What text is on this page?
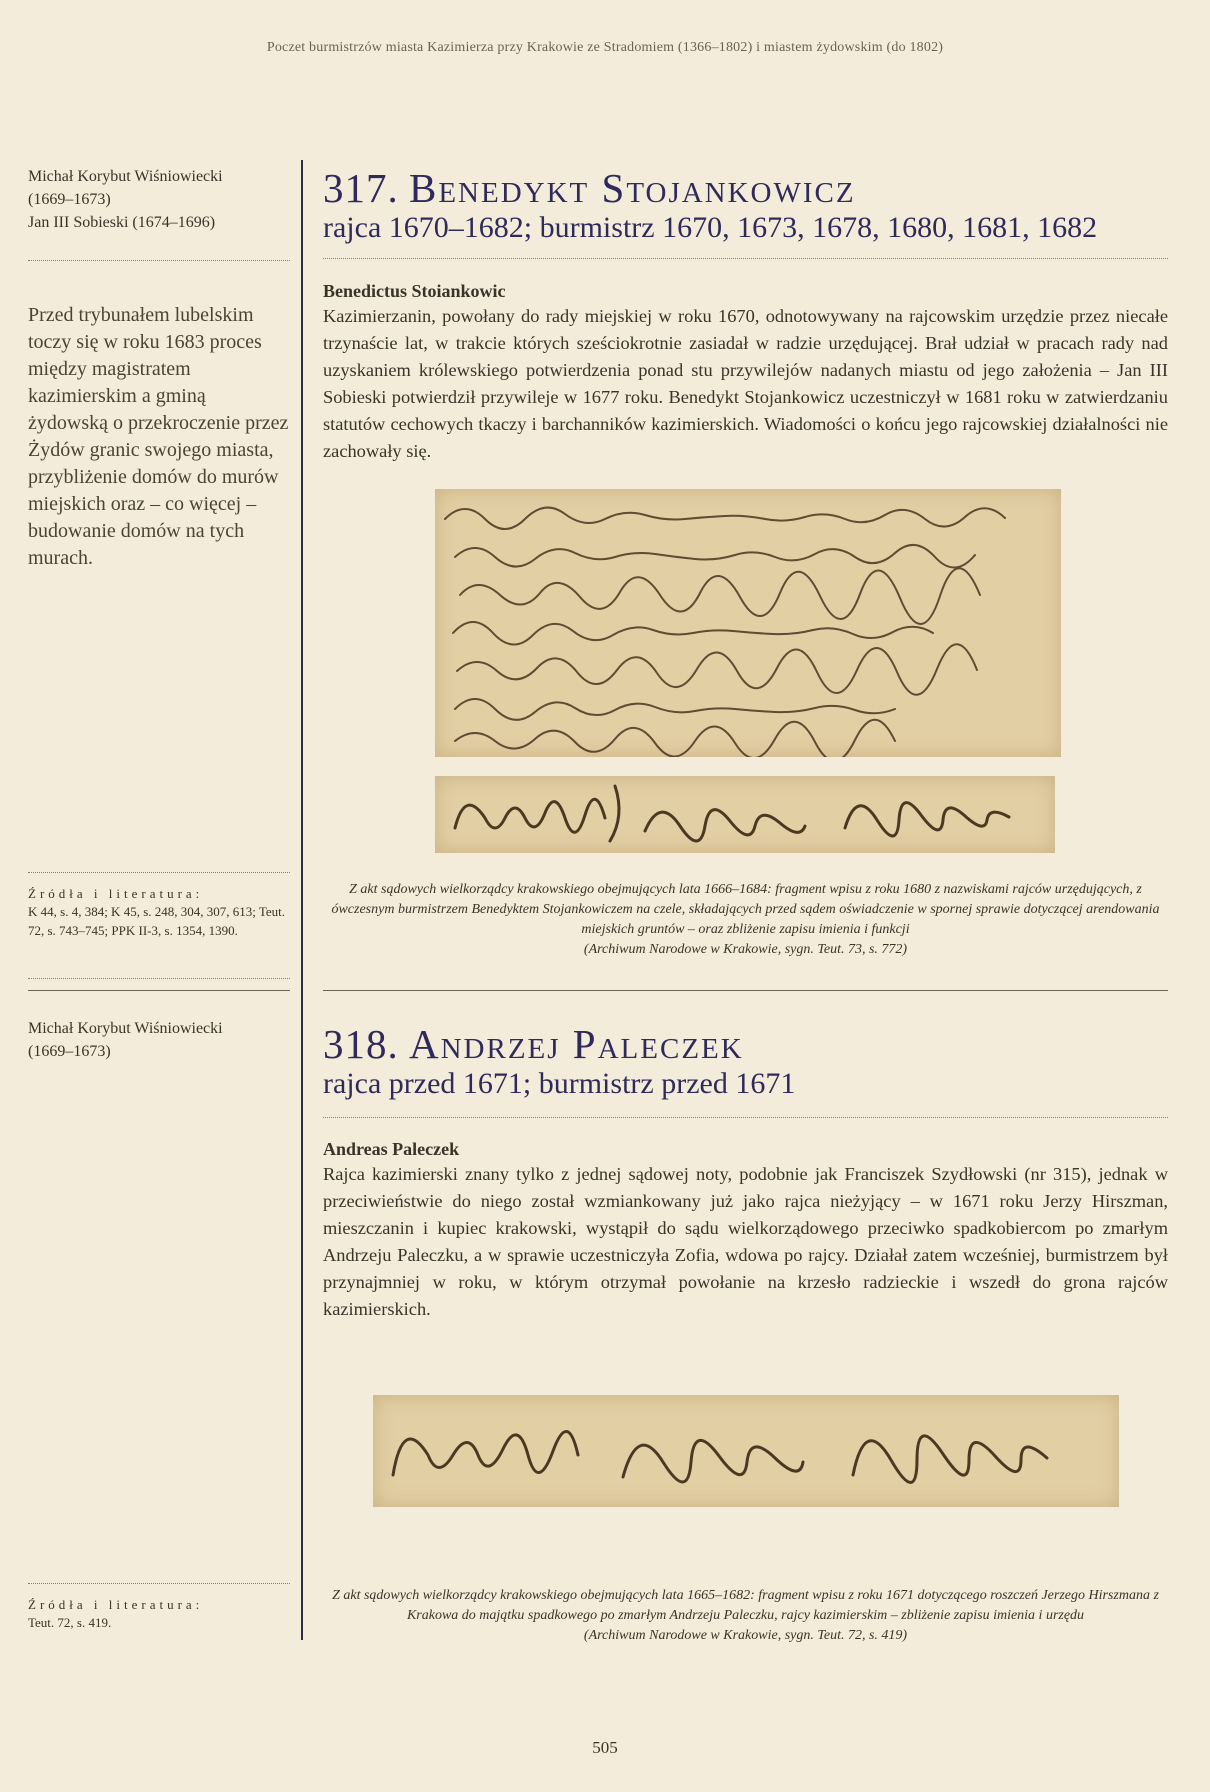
Poczet burmistrzów miasta Kazimierza przy Krakowie ze Stradomiem (1366–1802) i miastem żydowskim (do 1802)
Michał Korybut Wiśniowiecki
(1669–1673)
Jan III Sobieski (1674–1696)
Przed trybunałem lubelskim toczy się w roku 1683 proces między magistratem kazimierskim a gminą żydowską o przekroczenie przez Żydów granic swojego miasta, przybliżenie domów do murów miejskich oraz – co więcej – budowanie domów na tych murach.
Źródła i literatura:
K 44, s. 4, 384; K 45, s. 248, 304, 307, 613; Teut. 72, s. 743–745; PPK II-3, s. 1354, 1390.
Michał Korybut Wiśniowiecki
(1669–1673)
Źródła i literatura:
Teut. 72, s. 419.
317. Benedykt Stojankowicz
rajca 1670–1682; burmistrz 1670, 1673, 1678, 1680, 1681, 1682
Benedictus Stoiankowic

Kazimierzanin, powołany do rady miejskiej w roku 1670, odnotowywany na rajcowskim urzędzie przez niecałe trzynaście lat, w trakcie których sześciokrotnie zasiadał w radzie urzędującej. Brał udział w pracach rady nad uzyskaniem królewskiego potwierdzenia ponad stu przywilejów nadanych miastu od jego założenia – Jan III Sobieski potwierdził przywileje w 1677 roku. Benedykt Stojankowicz uczestniczył w 1681 roku w zatwierdzaniu statutów cechowych tkaczy i barchanników kazimierskich. Wiadomości o końcu jego rajcowskiej działalności nie zachowały się.

Z akt sądowych wielkorządcy krakowskiego obejmujących lata 1666–1684: fragment wpisu z roku 1680 z nazwiskami rajców urzędujących, z ówczesnym burmistrzem Benedyktem Stojankowiczem na czele, składających przed sądem oświadczenie w spornej sprawie dotyczącej arendowania miejskich gruntów – oraz zbliżenie zapisu imienia i funkcji

(Archiwum Narodowe w Krakowie, sygn. Teut. 73, s. 772)

318. Andrzej Paleczek
rajca przed 1671; burmistrz przed 1671
Andreas Paleczek

Rajca kazimierski znany tylko z jednej sądowej noty, podobnie jak Franciszek Szydłowski (nr 315), jednak w przeciwieństwie do niego został wzmiankowany już jako rajca nieżyjący – w 1671 roku Jerzy Hirszman, mieszczanin i kupiec krakowski, wystąpił do sądu wielkorządowego przeciwko spadkobiercom po zmarłym Andrzeju Paleczku, a w sprawie uczestniczyła Zofia, wdowa po rajcy. Działał zatem wcześniej, burmistrzem był przynajmniej w roku, w którym otrzymał powołanie na krzesło radzieckie i wszedł do grona rajców kazimierskich.

Z akt sądowych wielkorządcy krakowskiego obejmujących lata 1665–1682: fragment wpisu z roku 1671 dotyczącego roszczeń Jerzego Hirszmana z Krakowa do majątku spadkowego po zmarłym Andrzeju Paleczku, rajcy kazimierskim – zbliżenie zapisu imienia i urzędu

(Archiwum Narodowe w Krakowie, sygn. Teut. 72, s. 419)

505
